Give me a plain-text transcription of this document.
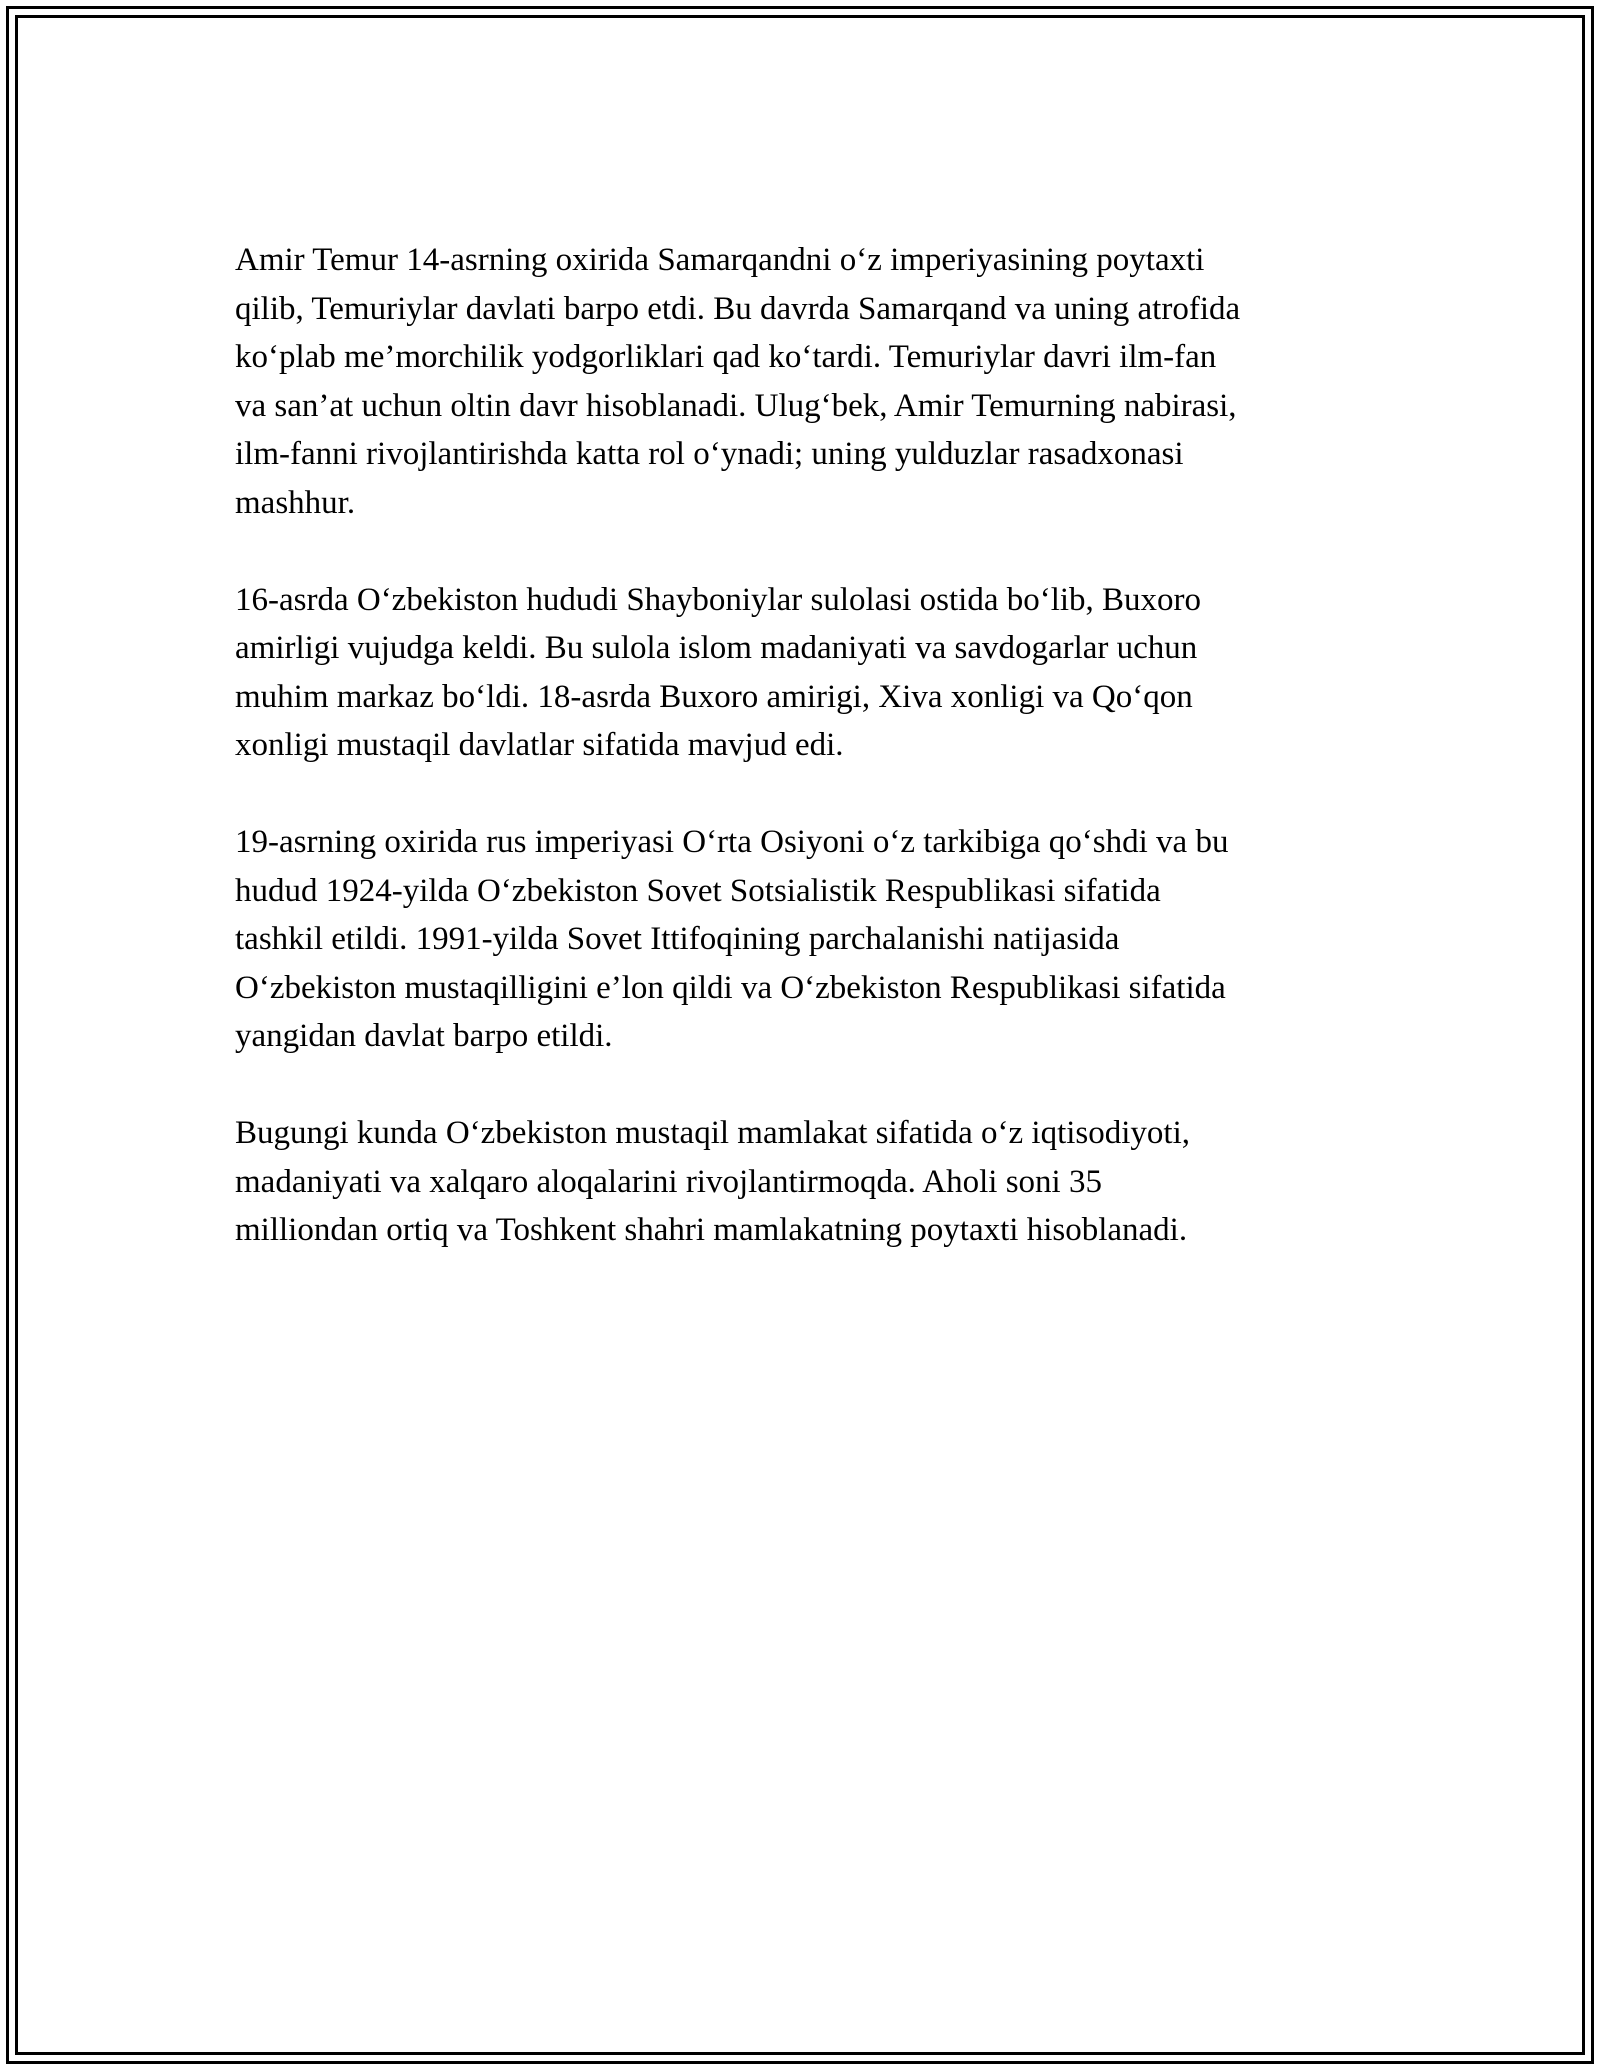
Amir Temur 14-asrning oxirida Samarqandni o‘z imperiyasining poytaxti
qilib, Temuriylar davlati barpo etdi. Bu davrda Samarqand va uning atrofida
ko‘plab me’morchilik yodgorliklari qad ko‘tardi. Temuriylar davri ilm-fan
va san’at uchun oltin davr hisoblanadi. Ulug‘bek, Amir Temurning nabirasi,
ilm-fanni rivojlantirishda katta rol o‘ynadi; uning yulduzlar rasadxonasi
mashhur.

16-asrda O‘zbekiston hududi Shayboniylar sulolasi ostida bo‘lib, Buxoro
amirligi vujudga keldi. Bu sulola islom madaniyati va savdogarlar uchun
muhim markaz bo‘ldi. 18-asrda Buxoro amirigi, Xiva xonligi va Qo‘qon
xonligi mustaqil davlatlar sifatida mavjud edi.

19-asrning oxirida rus imperiyasi O‘rta Osiyoni o‘z tarkibiga qo‘shdi va bu
hudud 1924-yilda O‘zbekiston Sovet Sotsialistik Respublikasi sifatida
tashkil etildi. 1991-yilda Sovet Ittifoqining parchalanishi natijasida
O‘zbekiston mustaqilligini e’lon qildi va O‘zbekiston Respublikasi sifatida
yangidan davlat barpo etildi.

Bugungi kunda O‘zbekiston mustaqil mamlakat sifatida o‘z iqtisodiyoti,
madaniyati va xalqaro aloqalarini rivojlantirmoqda. Aholi soni 35
milliondan ortiq va Toshkent shahri mamlakatning poytaxti hisoblanadi.
